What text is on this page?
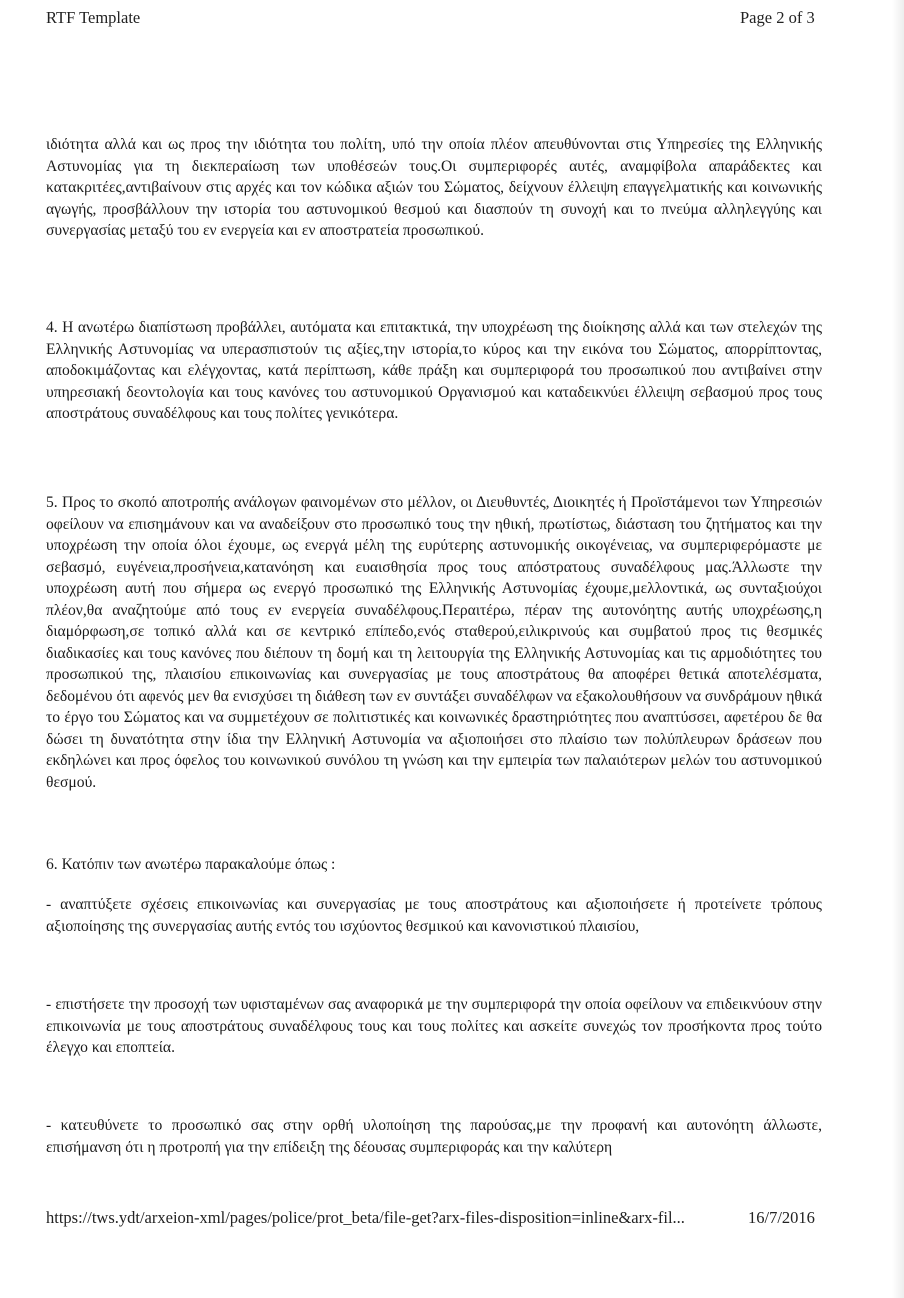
RTF Template	Page 2 of 3

ιδιότητα αλλά και ως προς την ιδιότητα του πολίτη, υπό την οποία πλέον απευθύνονται στις Υπηρεσίες της Ελληνικής Αστυνομίας για τη διεκπεραίωση των υποθέσεών τους.Οι συμπεριφορές αυτές, αναμφίβολα απαράδεκτες και κατακριτέες,αντιβαίνουν στις αρχές και τον κώδικα αξιών του Σώματος, δείχνουν έλλειψη επαγγελματικής και κοινωνικής αγωγής, προσβάλλουν την ιστορία του αστυνομικού θεσμού και διασπούν τη συνοχή και το πνεύμα αλληλεγγύης και συνεργασίας μεταξύ του εν ενεργεία και εν αποστρατεία προσωπικού.

4. Η ανωτέρω διαπίστωση προβάλλει, αυτόματα και επιτακτικά, την υποχρέωση της διοίκησης αλλά και των στελεχών της Ελληνικής Αστυνομίας να υπερασπιστούν τις αξίες,την ιστορία,το κύρος και την εικόνα του Σώματος, απορρίπτοντας, αποδοκιμάζοντας και ελέγχοντας, κατά περίπτωση, κάθε πράξη και συμπεριφορά του προσωπικού που αντιβαίνει στην υπηρεσιακή δεοντολογία και τους κανόνες του αστυνομικού Οργανισμού και καταδεικνύει έλλειψη σεβασμού προς τους αποστράτους συναδέλφους και τους πολίτες γενικότερα.

5. Προς το σκοπό αποτροπής ανάλογων φαινομένων στο μέλλον, οι Διευθυντές, Διοικητές ή Προϊστάμενοι των Υπηρεσιών οφείλουν να επισημάνουν και να αναδείξουν στο προσωπικό τους την ηθική, πρωτίστως, διάσταση του ζητήματος και την υποχρέωση την οποία όλοι έχουμε, ως ενεργά μέλη της ευρύτερης αστυνομικής οικογένειας, να συμπεριφερόμαστε με σεβασμό, ευγένεια,προσήνεια,κατανόηση και ευαισθησία προς τους απόστρατους συναδέλφους μας.Άλλωστε την υποχρέωση αυτή που σήμερα ως ενεργό προσωπικό της Ελληνικής Αστυνομίας έχουμε,μελλοντικά, ως συνταξιούχοι πλέον,θα αναζητούμε από τους εν ενεργεία συναδέλφους.Περαιτέρω, πέραν της αυτονόητης αυτής υποχρέωσης,η διαμόρφωση,σε τοπικό αλλά και σε κεντρικό επίπεδο,ενός σταθερού,ειλικρινούς και συμβατού προς τις θεσμικές διαδικασίες και τους κανόνες που διέπουν τη δομή και τη λειτουργία της Ελληνικής Αστυνομίας και τις αρμοδιότητες του προσωπικού της, πλαισίου επικοινωνίας και συνεργασίας με τους αποστράτους θα αποφέρει θετικά αποτελέσματα, δεδομένου ότι αφενός μεν θα ενισχύσει τη διάθεση των εν συντάξει συναδέλφων να εξακολουθήσουν να συνδράμουν ηθικά το έργο του Σώματος και να συμμετέχουν σε πολιτιστικές και κοινωνικές δραστηριότητες που αναπτύσσει, αφετέρου δε θα δώσει τη δυνατότητα στην ίδια την Ελληνική Αστυνομία να αξιοποιήσει στο πλαίσιο των πολύπλευρων δράσεων που εκδηλώνει και προς όφελος του κοινωνικού συνόλου τη γνώση και την εμπειρία των παλαιότερων μελών του αστυνομικού θεσμού.

6. Κατόπιν των ανωτέρω παρακαλούμε όπως :

- αναπτύξετε σχέσεις επικοινωνίας και συνεργασίας με τους αποστράτους και αξιοποιήσετε ή προτείνετε τρόπους αξιοποίησης της συνεργασίας αυτής εντός του ισχύοντος θεσμικού και κανονιστικού πλαισίου,

- επιστήσετε την προσοχή των υφισταμένων σας αναφορικά με την συμπεριφορά την οποία οφείλουν να επιδεικνύουν στην επικοινωνία με τους αποστράτους συναδέλφους τους και τους πολίτες και ασκείτε συνεχώς τον προσήκοντα προς τούτο έλεγχο και εποπτεία.

- κατευθύνετε το προσωπικό σας στην ορθή υλοποίηση της παρούσας,με την προφανή και αυτονόητη άλλωστε, επισήμανση ότι η προτροπή για την επίδειξη της δέουσας συμπεριφοράς και την καλύτερη

https://tws.ydt/arxeion-xml/pages/police/prot_beta/file-get?arx-files-disposition=inline&arx-fil...	16/7/2016
